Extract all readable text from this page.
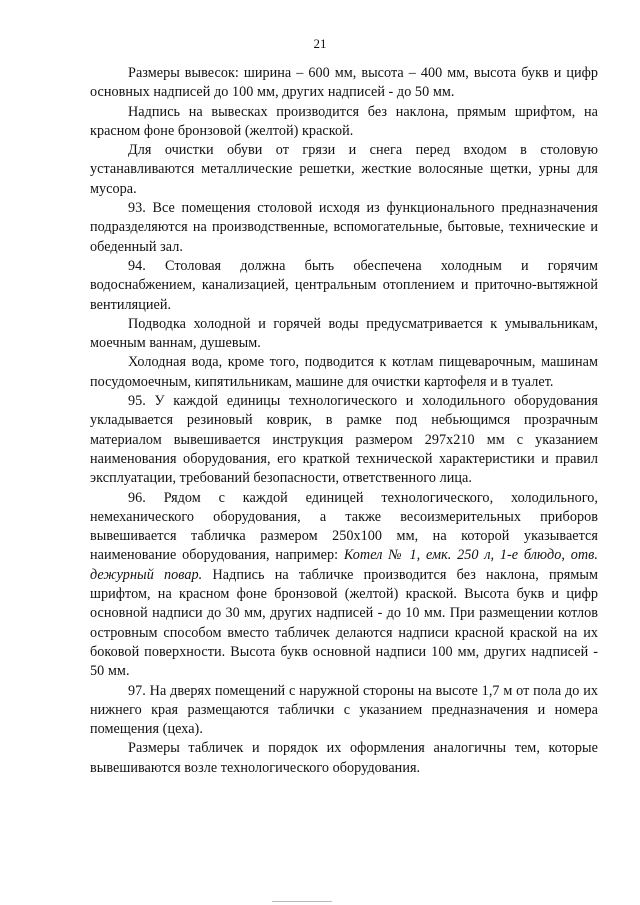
21

Размеры вывесок: ширина – 600 мм, высота – 400 мм, высота букв и цифр основных надписей до 100 мм, других надписей - до 50 мм.

Надпись на вывесках производится без наклона, прямым шрифтом, на красном фоне бронзовой (желтой) краской.

Для очистки обуви от грязи и снега перед входом в столовую устанавливаются металлические решетки, жесткие волосяные щетки, урны для мусора.

93. Все помещения столовой исходя из функционального предназначения подразделяются на производственные, вспомогательные, бытовые, технические и обеденный зал.

94. Столовая должна быть обеспечена холодным и горячим водоснабжением, канализацией, центральным отоплением и приточно-вытяжной вентиляцией.

Подводка холодной и горячей воды предусматривается к умывальникам, моечным ваннам, душевым.

Холодная вода, кроме того, подводится к котлам пищеварочным, машинам посудомоечным, кипятильникам, машине для очистки картофеля и в туалет.

95. У каждой единицы технологического и холодильного оборудования укладывается резиновый коврик, в рамке под небьющимся прозрачным материалом вывешивается инструкция размером 297х210 мм с указанием наименования оборудования, его краткой технической характеристики и правил эксплуатации, требований безопасности, ответственного лица.

96. Рядом с каждой единицей технологического, холодильного, немеханического оборудования, а также весоизмерительных приборов вывешивается табличка размером 250х100 мм, на которой указывается наименование оборудования, например: Котел № 1, емк. 250 л, 1-е блюдо, отв. дежурный повар. Надпись на табличке производится без наклона, прямым шрифтом, на красном фоне бронзовой (желтой) краской. Высота букв и цифр основной надписи до 30 мм, других надписей - до 10 мм. При размещении котлов островным способом вместо табличек делаются надписи красной краской на их боковой поверхности. Высота букв основной надписи 100 мм, других надписей - 50 мм.

97. На дверях помещений с наружной стороны на высоте 1,7 м от пола до их нижнего края размещаются таблички с указанием предназначения и номера помещения (цеха).

Размеры табличек и порядок их оформления аналогичны тем, которые вывешиваются возле технологического оборудования.
